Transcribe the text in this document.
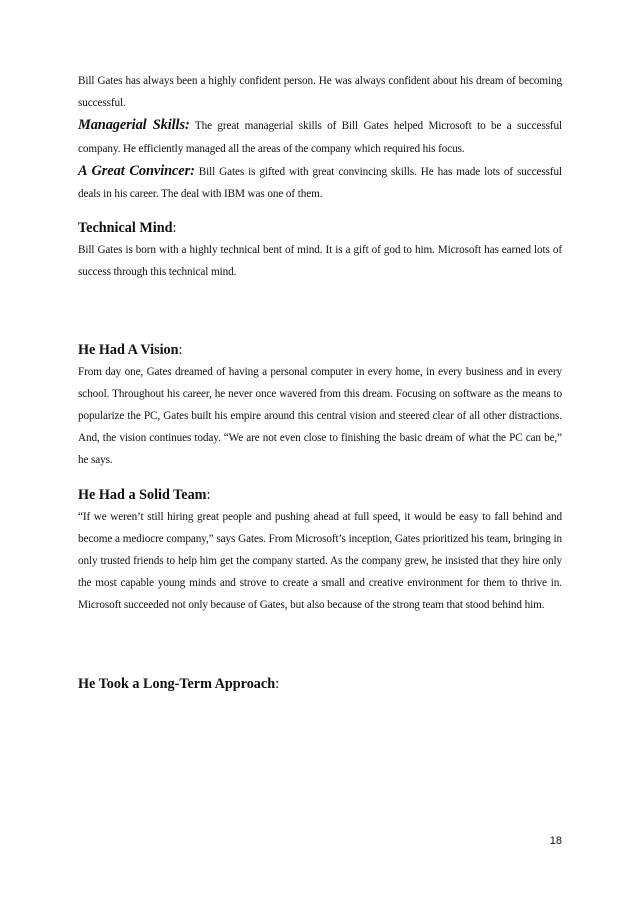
Bill Gates has always been a highly confident person. He was always confident about his dream of becoming successful.

Managerial Skills: The great managerial skills of Bill Gates helped Microsoft to be a successful company. He efficiently managed all the areas of the company which required his focus.

A Great Convincer: Bill Gates is gifted with great convincing skills. He has made lots of successful deals in his career. The deal with IBM was one of them.

Technical Mind:

Bill Gates is born with a highly technical bent of mind. It is a gift of god to him. Microsoft has earned lots of success through this technical mind.

He Had A Vision:

From day one, Gates dreamed of having a personal computer in every home, in every business and in every school. Throughout his career, he never once wavered from this dream. Focusing on software as the means to popularize the PC, Gates built his empire around this central vision and steered clear of all other distractions. And, the vision continues today. “We are not even close to finishing the basic dream of what the PC can be,” he says.

He Had a Solid Team:

“If we weren’t still hiring great people and pushing ahead at full speed, it would be easy to fall behind and become a mediocre company,” says Gates. From Microsoft’s inception, Gates prioritized his team, bringing in only trusted friends to help him get the company started. As the company grew, he insisted that they hire only the most capable young minds and strove to create a small and creative environment for them to thrive in. Microsoft succeeded not only because of Gates, but also because of the strong team that stood behind him.

He Took a Long-Term Approach:
18
